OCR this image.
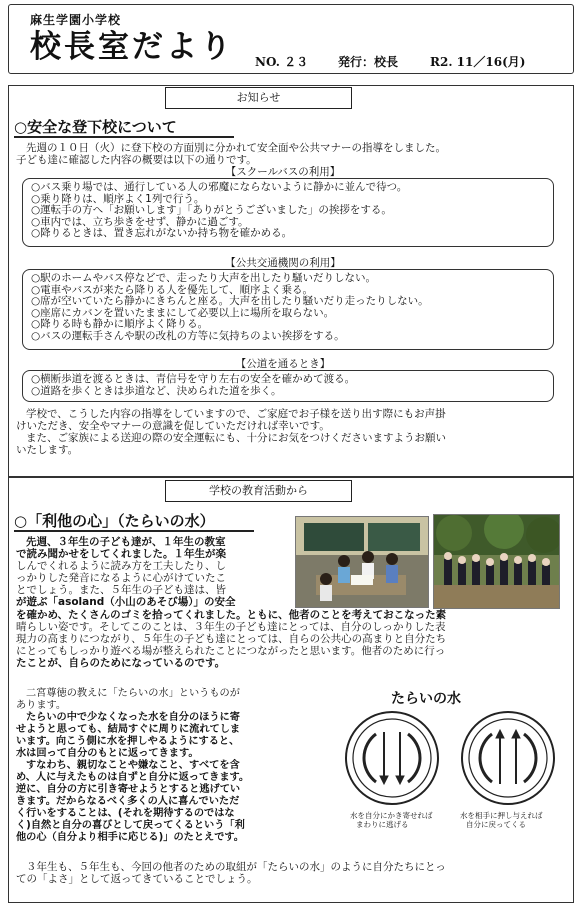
麻生学園小学校
校長室だより NO. ２３ 発行：校長	R2. 11／16(月)
お知らせ
○安全な登下校について
先週の１０日（火）に登下校の方面別に分かれて安全面や公共マナーの指導をしました。
子ども達に確認した内容の概要は以下の通りです。
【スクールバスの利用】
○バス乗り場では、通行している人の邪魔にならないように静かに並んで待つ。
○乗り降りは、順序よく1列で行う。
○運転手の方へ「お願いします」「ありがとうございました」の挨拶をする。
○車内では、立ち歩きをせず、静かに過ごす。
○降りるときは、置き忘れがないか持ち物を確かめる。
【公共交通機関の利用】
○駅のホームやバス停などで、走ったり大声を出したり騒いだりしない。
○電車やバスが来たら降りる人を優先して、順序よく乗る。
○席が空いていたら静かにきちんと座る。大声を出したり騒いだり走ったりしない。
○座席にカバンを置いたままにして必要以上に場所を取らない。
○降りる時も静かに順序よく降りる。
○バスの運転手さんや駅の改札の方等に気持ちのよい挨拶をする。
【公道を通るとき】
○横断歩道を渡るときは、青信号を守り左右の安全を確かめて渡る。
○道路を歩くときは歩道など、決められた道を歩く。
学校で、こうした内容の指導をしていますので、ご家庭でお子様を送り出す際にもお声掛
けいただき、安全やマナーの意識を促していただければ幸いです。
また、ご家族による送迎の際の安全運転にも、十分にお気をつけくださいますようお願い
いたします。
学校の教育活動から
○「利他の心」（たらいの水）
先週、３年生の子ども達が、１年生の教室
で読み聞かせをしてくれました。１年生が楽
しんでくれるように読み方を工夫したり、し
っかりした発音になるように心がけていたこ
とでしょう。また、５年生の子ども達は、皆
が遊ぶ「asoland（小山のあそび場）」の安全
を確かめ、たくさんのゴミを拾ってくれました。ともに、他者のことを考えておこなった素
晴らしい姿です。そしてこのことは、３年生の子ども達にとっては、自分のしっかりした表
現力の高まりにつながり、５年生の子ども達にとっては、自らの公共心の高まりと自分たち
にとってもしっかり遊べる場が整えられたことにつながったと思います。他者のために行っ
たことが、自らのためになっているのです。
二宮尊徳の教えに「たらいの水」というものが
あります。
たらいの中で少なくなった水を自分のほうに寄
せようと思っても、結局すぐに周りに流れてしま
います。向こう側に水を押しやるようにすると、
水は回って自分のもとに返ってきます。
すなわち、親切なことや嫌なこと、すべてを含
め、人に与えたものは自ずと自分に返ってきます。
逆に、自分の方に引き寄せようとすると逃げてい
きます。だからなるべく多くの人に喜んでいただ
く行いをすることは、(それを期待するのではな
く)自然と自分の喜びとして戻ってくるという「利
他の心（自分より相手に応じる)」のたとえです。
たらいの水
水を自分にかき寄せれば
まわりに逃げる
水を相手に押し与えれば
自分に戻ってくる
３年生も、５年生も、今回の他者のための取組が「たらいの水」のように自分たちにとっ
ての「よさ」として返ってきていることでしょう。
